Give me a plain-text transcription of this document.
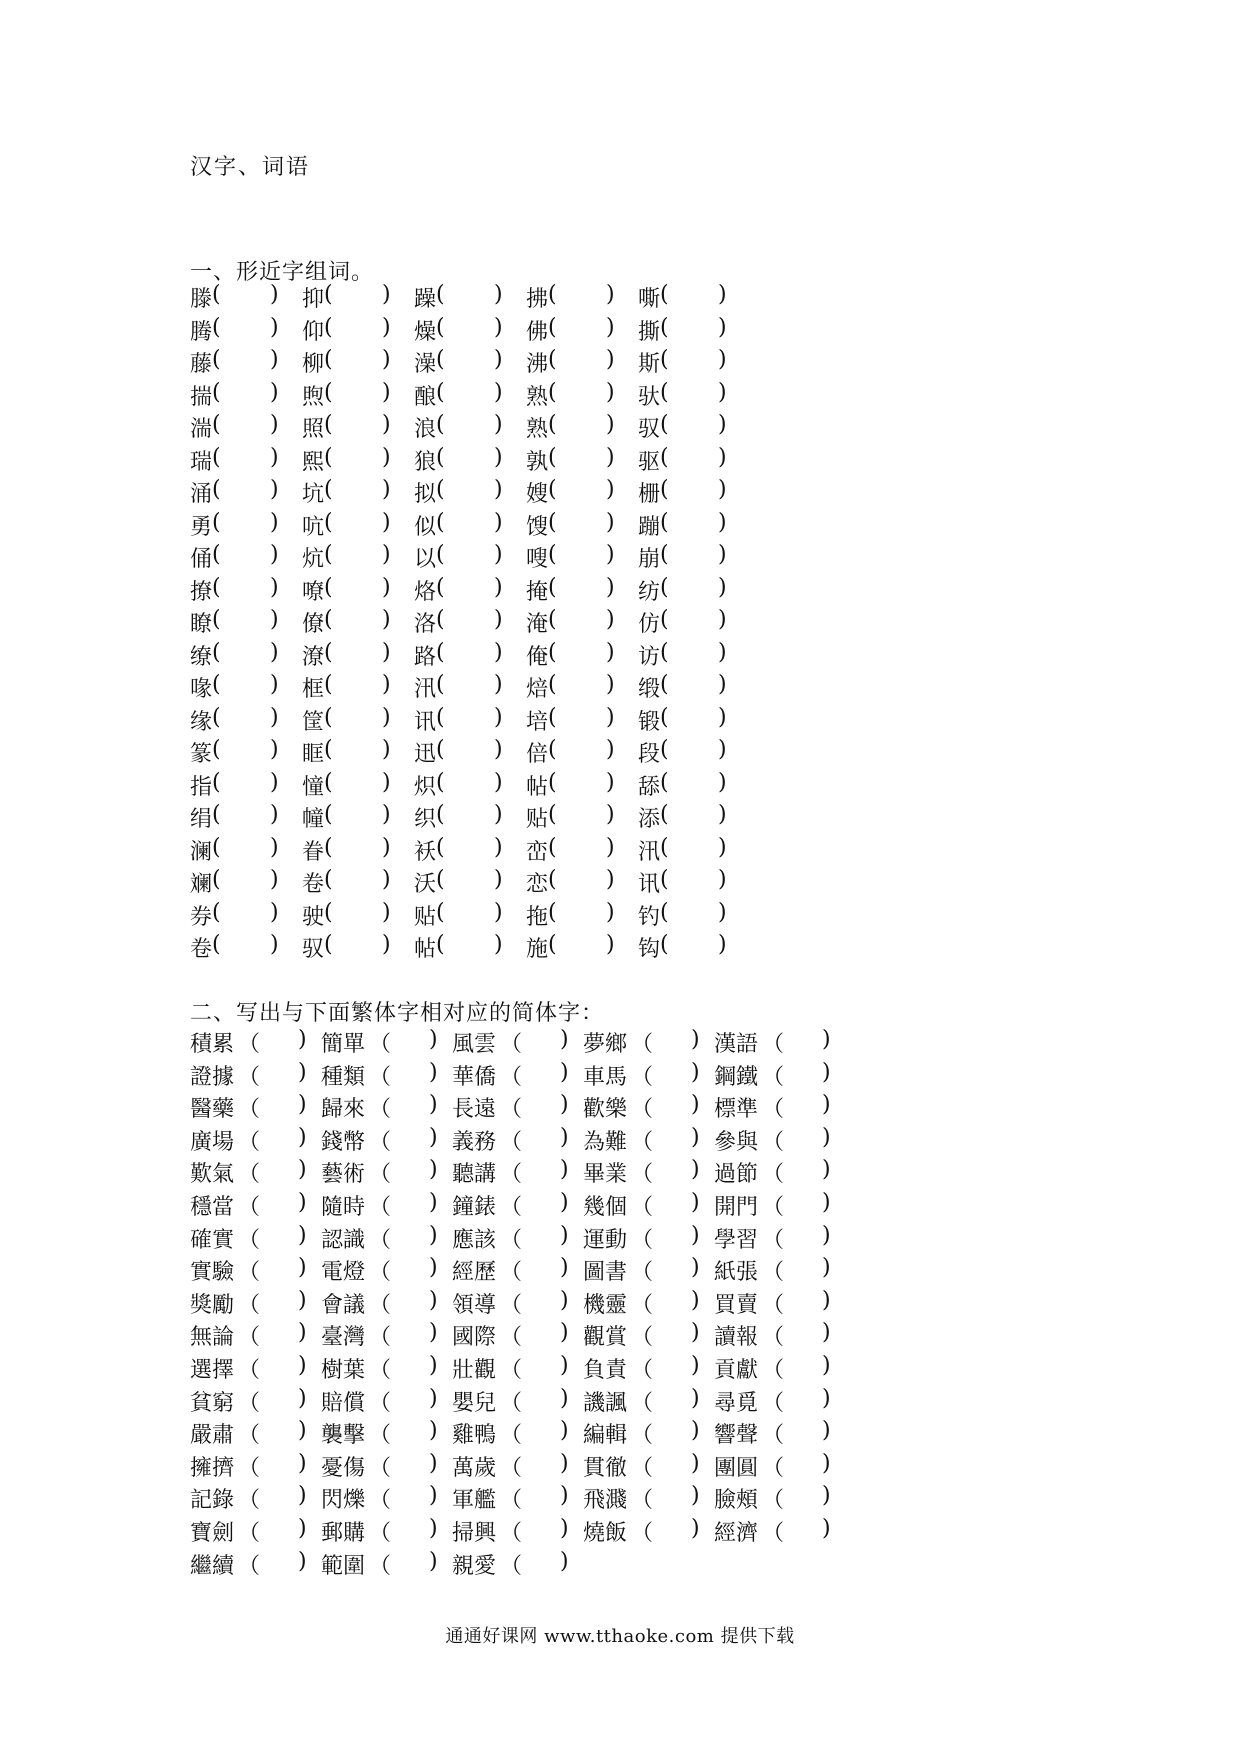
汉字、词语
一、形近字组词。
滕 ( ) 抑 ( ) 躁 ( ) 拂 ( ) 嘶 ( )
腾 ( ) 仰 ( ) 燥 ( ) 佛 ( ) 撕 ( )
藤 ( ) 柳 ( ) 澡 ( ) 沸 ( ) 斯 ( )
揣 ( ) 煦 ( ) 酿 ( ) 熟 ( ) 驮 ( )
湍 ( ) 照 ( ) 浪 ( ) 熟 ( ) 驭 ( )
瑞 ( ) 熙 ( ) 狼 ( ) 孰 ( ) 驱 ( )
涌 ( ) 坑 ( ) 拟 ( ) 嫂 ( ) 栅 ( )
勇 ( ) 吭 ( ) 似 ( ) 馊 ( ) 蹦 ( )
俑 ( ) 炕 ( ) 以 ( ) 嗖 ( ) 崩 ( )
撩 ( ) 嘹 ( ) 烙 ( ) 掩 ( ) 纺 ( )
瞭 ( ) 僚 ( ) 洛 ( ) 淹 ( ) 仿 ( )
缭 ( ) 潦 ( ) 路 ( ) 俺 ( ) 访 ( )
喙 ( ) 框 ( ) 汛 ( ) 焙 ( ) 缎 ( )
缘 ( ) 筐 ( ) 讯 ( ) 培 ( ) 锻 ( )
篆 ( ) 眶 ( ) 迅 ( ) 倍 ( ) 段 ( )
指 ( ) 憧 ( ) 炽 ( ) 帖 ( ) 舔 ( )
绢 ( ) 幢 ( ) 织 ( ) 贴 ( ) 添 ( )
澜 ( ) 眷 ( ) 袄 ( ) 峦 ( ) 汛 ( )
斓 ( ) 卷 ( ) 沃 ( ) 恋 ( ) 讯 ( )
券 ( ) 驶 ( ) 贴 ( ) 拖 ( ) 钓 ( )
卷 ( ) 驭 ( ) 帖 ( ) 施 ( ) 钩 ( )
二、写出与下面繁体字相对应的简体字：
積累 （ ) 簡單 （ ) 風雲 （ ) 夢鄉 （ ) 漢語 （ )
證據 （ ) 種類 （ ) 華僑 （ ) 車馬 （ ) 鋼鐵 （ )
醫藥 （ ) 歸來 （ ) 長遠 （ ) 歡樂 （ ) 標準 （ )
廣場 （ ) 錢幣 （ ) 義務 （ ) 為難 （ ) 參與 （ )
歎氣 （ ) 藝術 （ ) 聽講 （ ) 畢業 （ ) 過節 （ )
穩當 （ ) 隨時 （ ) 鐘錶 （ ) 幾個 （ ) 開門 （ )
確實 （ ) 認識 （ ) 應該 （ ) 運動 （ ) 學習 （ )
實驗 （ ) 電燈 （ ) 經歷 （ ) 圖書 （ ) 紙張 （ )
獎勵 （ ) 會議 （ ) 領導 （ ) 機靈 （ ) 買賣 （ )
無論 （ ) 臺灣 （ ) 國際 （ ) 觀賞 （ ) 讀報 （ )
選擇 （ ) 樹葉 （ ) 壯觀 （ ) 負責 （ ) 貢獻 （ )
貧窮 （ ) 賠償 （ ) 嬰兒 （ ) 譏諷 （ ) 尋覓 （ )
嚴肅 （ ) 襲擊 （ ) 雞鴨 （ ) 編輯 （ ) 響聲 （ )
擁擠 （ ) 憂傷 （ ) 萬歲 （ ) 貫徹 （ ) 團圓 （ )
記錄 （ ) 閃爍 （ ) 軍艦 （ ) 飛濺 （ ) 臉頰 （ )
寶劍 （ ) 郵購 （ ) 掃興 （ ) 燒飯 （ ) 經濟 （ )
繼續 （ ) 範圍 （ ) 親愛 （ )
通通好课网 www.tthaoke.com 提供下载
